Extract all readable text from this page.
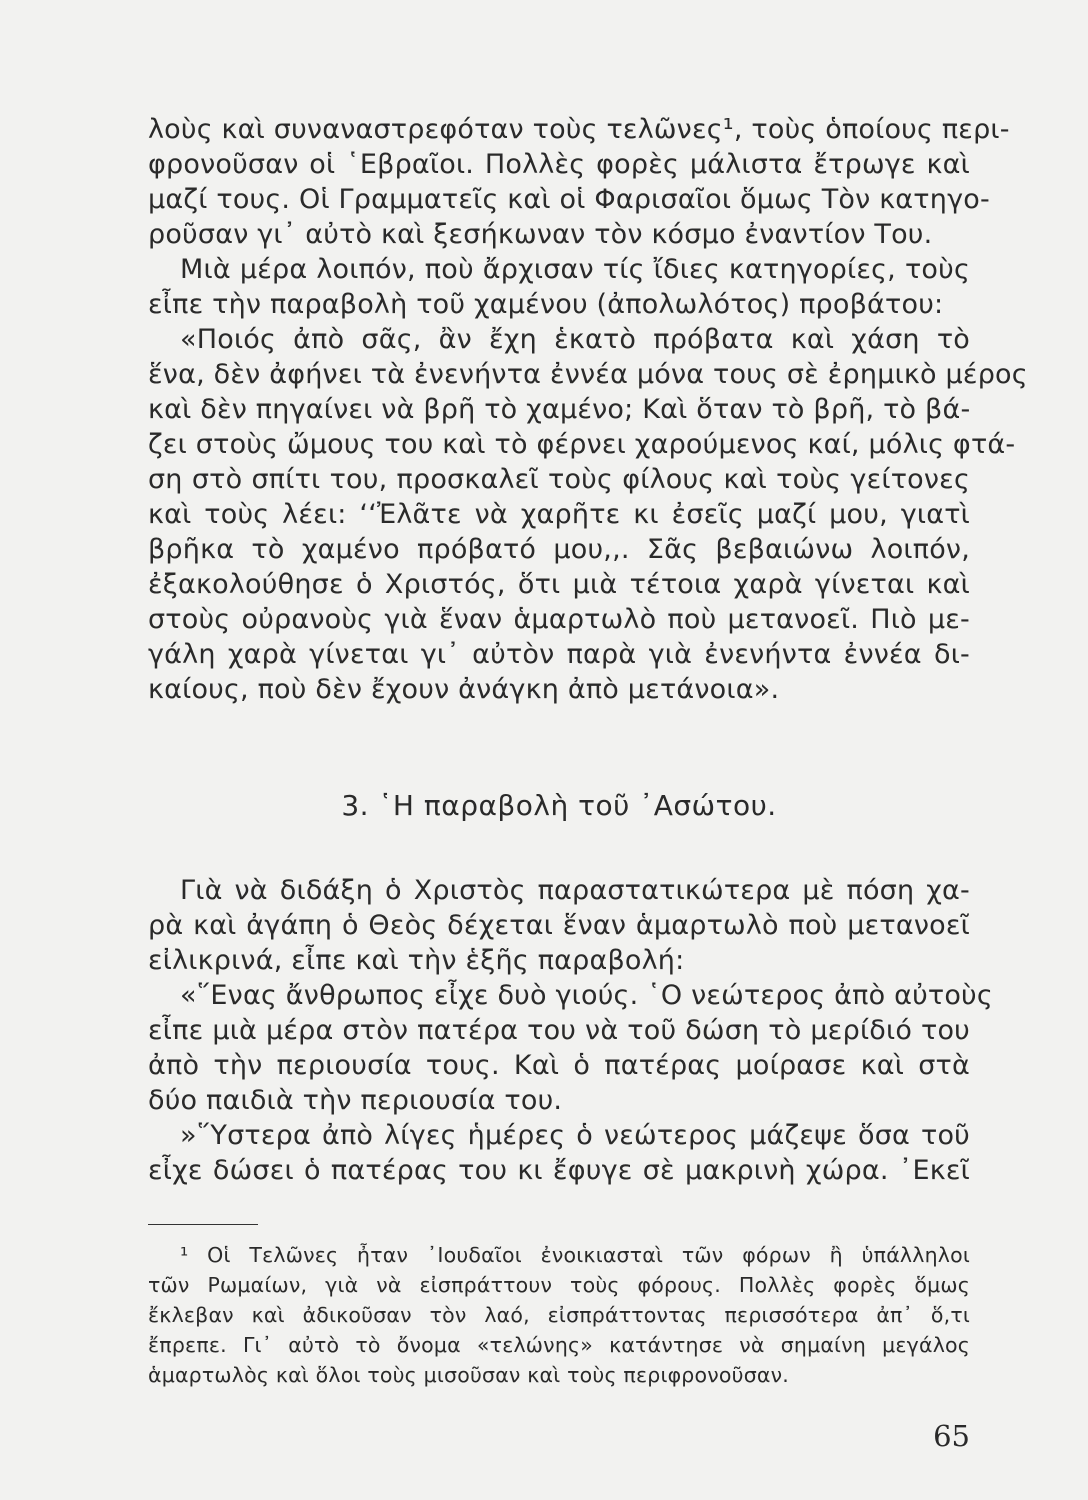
λοὺς καὶ συναναστρεφόταν τοὺς τελῶνες¹, τοὺς ὁποίους περι-
φρονοῦσαν οἱ ῾Εβραῖοι. Πολλὲς φορὲς μάλιστα ἔτρωγε καὶ
μαζί τους. Οἱ Γραμματεῖς καὶ οἱ Φαρισαῖοι ὅμως Τὸν κατηγο-
ροῦσαν γι᾽ αὐτὸ καὶ ξεσήκωναν τὸν κόσμο ἐναντίον Του.
Μιὰ μέρα λοιπόν, ποὺ ἄρχισαν τίς ἴδιες κατηγορίες, τοὺς
εἶπε τὴν παραβολὴ τοῦ χαμένου (ἀπολωλότος) προβάτου:
«Ποιός ἀπὸ σᾶς, ἂν ἔχη ἑκατὸ πρόβατα καὶ χάση τὸ
ἕνα, δὲν ἀφήνει τὰ ἐνενήντα ἐννέα μόνα τους σὲ ἐρημικὸ μέρος
καὶ δὲν πηγαίνει νὰ βρῆ τὸ χαμένο; Καὶ ὅταν τὸ βρῆ, τὸ βά-
ζει στοὺς ὤμους του καὶ τὸ φέρνει χαρούμενος καί, μόλις φτά-
ση στὸ σπίτι του, προσκαλεῖ τοὺς φίλους καὶ τοὺς γείτονες
καὶ τοὺς λέει: ‘‘Ἐλᾶτε νὰ χαρῆτε κι ἐσεῖς μαζί μου, γιατὶ
βρῆκα τὸ χαμένο πρόβατό μου,,. Σᾶς βεβαιώνω λοιπόν,
ἐξακολούθησε ὁ Χριστός, ὅτι μιὰ τέτοια χαρὰ γίνεται καὶ
στοὺς οὐρανοὺς γιὰ ἕναν ἁμαρτωλὸ ποὺ μετανοεῖ. Πιὸ με-
γάλη χαρὰ γίνεται γι᾽ αὐτὸν παρὰ γιὰ ἐνενήντα ἐννέα δι-
καίους, ποὺ δὲν ἔχουν ἀνάγκη ἀπὸ μετάνοια».
3. ῾Η παραβολὴ τοῦ ᾽Ασώτου.
Γιὰ νὰ διδάξη ὁ Χριστὸς παραστατικώτερα μὲ πόση χα-
ρὰ καὶ ἀγάπη ὁ Θεὸς δέχεται ἕναν ἁμαρτωλὸ ποὺ μετανοεῖ
εἰλικρινά, εἶπε καὶ τὴν ἑξῆς παραβολή:
«῞Ενας ἄνθρωπος εἶχε δυὸ γιούς. ῾Ο νεώτερος ἀπὸ αὐτοὺς
εἶπε μιὰ μέρα στὸν πατέρα του νὰ τοῦ δώση τὸ μερίδιό του
ἀπὸ τὴν περιουσία τους. Καὶ ὁ πατέρας μοίρασε καὶ στὰ
δύο παιδιὰ τὴν περιουσία του.
»῞Υστερα ἀπὸ λίγες ἡμέρες ὁ νεώτερος μάζεψε ὅσα τοῦ
εἶχε δώσει ὁ πατέρας του κι ἔφυγε σὲ μακρινὴ χώρα. ᾽Εκεῖ
¹ Οἱ Τελῶνες ἦταν ᾽Ιουδαῖοι ἐνοικιασταὶ τῶν φόρων ἢ ὑπάλληλοι
τῶν Ρωμαίων, γιὰ νὰ εἰσπράττουν τοὺς φόρους. Πολλὲς φορὲς ὅμως
ἔκλεβαν καὶ ἀδικοῦσαν τὸν λαό, εἰσπράττοντας περισσότερα ἀπ᾽ ὅ,τι
ἔπρεπε. Γι᾽ αὐτὸ τὸ ὄνομα «τελώνης» κατάντησε νὰ σημαίνη μεγάλος
ἁμαρτωλὸς καὶ ὅλοι τοὺς μισοῦσαν καὶ τοὺς περιφρονοῦσαν.
65
